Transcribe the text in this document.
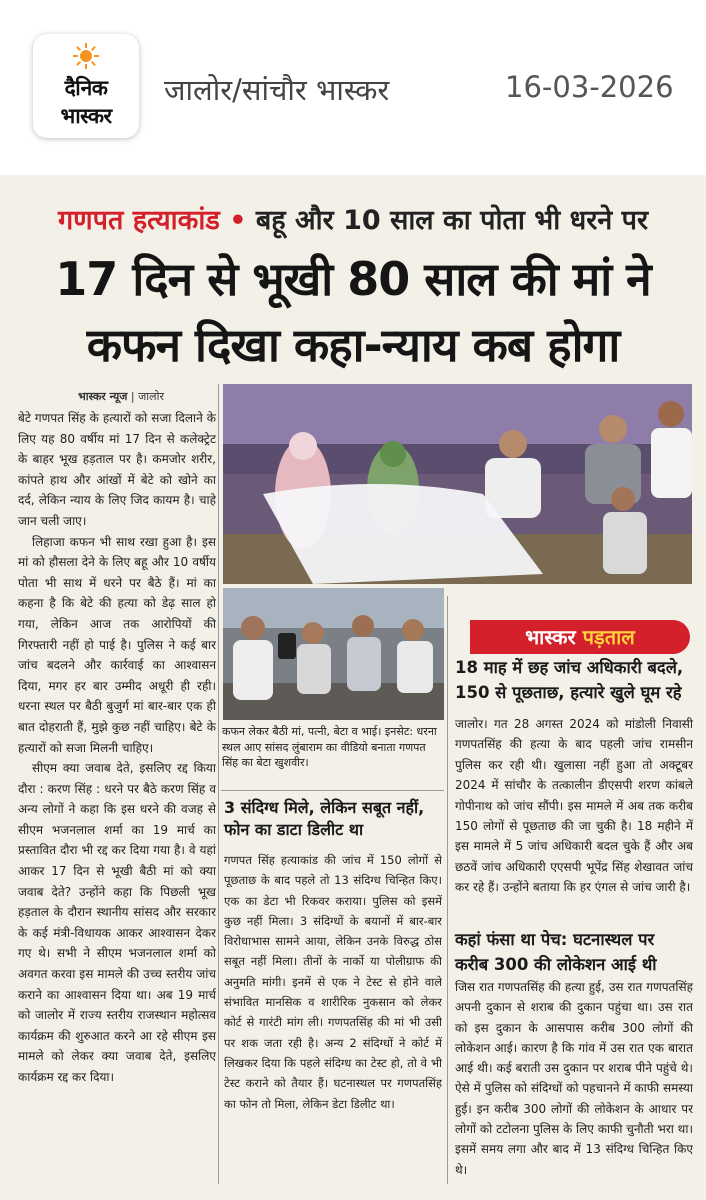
दैनिक
भास्कर
जालोर/सांचौर भास्कर	16-03-2026
गणपत हत्याकांड • बहू और 10 साल का पोता भी धरने पर
17 दिन से भूखी 80 साल की मां ने
कफन दिखा कहा-न्याय कब होगा
भास्कर न्यूज | जालोर

बेटे गणपत सिंह के हत्यारों को सजा दिलाने के लिए यह 80 वर्षीय मां 17 दिन से कलेक्ट्रेट के बाहर भूख हड़ताल पर है। कमजोर शरीर, कांपते हाथ और आंखों में बेटे को खोने का दर्द, लेकिन न्याय के लिए जिद कायम है। चाहे जान चली जाए।

लिहाजा कफन भी साथ रखा हुआ है। इस मां को हौसला देने के लिए बहू और 10 वर्षीय पोता भी साथ में धरने पर बैठे हैं। मां का कहना है कि बेटे की हत्या को डेढ़ साल हो गया, लेकिन आज तक आरोपियों की गिरफ्तारी नहीं हो पाई है। पुलिस ने कई बार जांच बदलने और कार्रवाई का आश्वासन दिया, मगर हर बार उम्मीद अधूरी ही रही। धरना स्थल पर बैठी बुजुर्ग मां बार-बार एक ही बात दोहराती हैं, मुझे कुछ नहीं चाहिए। बेटे के हत्यारों को सजा मिलनी चाहिए।

सीएम क्या जवाब देते, इसलिए रद्द किया दौरा : करण सिंह : धरने पर बैठे करण सिंह व अन्य लोगों ने कहा कि इस धरने की वजह से सीएम भजनलाल शर्मा का 19 मार्च का प्रस्तावित दौरा भी रद्द कर दिया गया है। वे यहां आकर 17 दिन से भूखी बैठी मां को क्या जवाब देते? उन्होंने कहा कि पिछली भूख हड़ताल के दौरान स्थानीय सांसद और सरकार के कई मंत्री-विधायक आकर आश्वासन देकर गए थे। सभी ने सीएम भजनलाल शर्मा को अवगत करवा इस मामले की उच्च स्तरीय जांच कराने का आश्वासन दिया था। अब 19 मार्च को जालोर में राज्य स्तरीय राजस्थान महोत्सव कार्यक्रम की शुरुआत करने आ रहे सीएम इस मामले को लेकर क्या जवाब देते, इसलिए कार्यक्रम रद्द कर दिया।

कफन लेकर बैठी मां, पत्नी, बेटा व भाई। इनसेट: धरना स्थल आए सांसद लुंबाराम का वीडियो बनाता गणपत सिंह का बेटा खुशवीर।
3 संदिग्ध मिले, लेकिन सबूत नहीं, फोन का डाटा डिलीट था
गणपत सिंह हत्याकांड की जांच में 150 लोगों से पूछताछ के बाद पहले तो 13 संदिग्ध चिन्हित किए। एक का डेटा भी रिकवर कराया। पुलिस को इसमें कुछ नहीं मिला। 3 संदिग्धों के बयानों में बार-बार विरोधाभास सामने आया, लेकिन उनके विरुद्ध ठोस सबूत नहीं मिला। तीनों के नार्को या पोलीग्राफ की अनुमति मांगी। इनमें से एक ने टेस्ट से होने वाले संभावित मानसिक व शारीरिक नुकसान को लेकर कोर्ट से गारंटी मांग ली। गणपतसिंह की मां भी उसी पर शक जता रही है। अन्य 2 संदिग्धों ने कोर्ट में लिखकर दिया कि पहले संदिग्ध का टेस्ट हो, तो वे भी टेस्ट कराने को तैयार हैं। घटनास्थल पर गणपतसिंह का फोन तो मिला, लेकिन डेटा डिलीट था।
भास्कर पड़ताल
18 माह में छह जांच अधिकारी बदले, 150 से पूछताछ, हत्यारे खुले घूम रहे
जालोर। गत 28 अगस्त 2024 को मांडोली निवासी गणपतसिंह की हत्या के बाद पहली जांच रामसीन पुलिस कर रही थी। खुलासा नहीं हुआ तो अक्टूबर 2024 में सांचौर के तत्कालीन डीएसपी शरण कांबले गोपीनाथ को जांच सौंपी। इस मामले में अब तक करीब 150 लोगों से पूछताछ की जा चुकी है। 18 महीने में इस मामले में 5 जांच अधिकारी बदल चुके हैं और अब छठवें जांच अधिकारी एएसपी भूपेंद्र सिंह शेखावत जांच कर रहे हैं। उन्होंने बताया कि हर एंगल से जांच जारी है।
कहां फंसा था पेच: घटनास्थल पर करीब 300 की लोकेशन आई थी
जिस रात गणपतसिंह की हत्या हुई, उस रात गणपतसिंह अपनी दुकान से शराब की दुकान पहुंचा था। उस रात को इस दुकान के आसपास करीब 300 लोगों की लोकेशन आई। कारण है कि गांव में उस रात एक बारात आई थी। कई बराती उस दुकान पर शराब पीने पहुंचे थे। ऐसे में पुलिस को संदिग्धों को पहचानने में काफी समस्या हुई। इन करीब 300 लोगों की लोकेशन के आधार पर लोगों को टटोलना पुलिस के लिए काफी चुनौती भरा था। इसमें समय लगा और बाद में 13 संदिग्ध चिन्हित किए थे।
